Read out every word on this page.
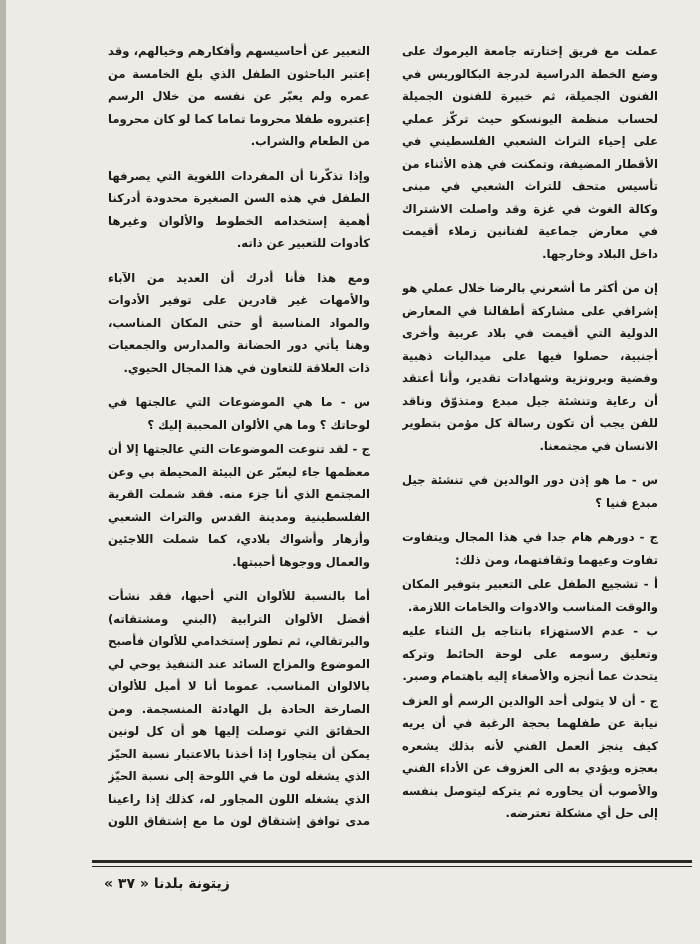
عملت مع فريق إختارته جامعة اليرموك على وضع الخطة الدراسية لدرجة البكالوريس في الفنون الجميلة، ثم خبيرة للفنون الجميلة لحساب منظمة اليونسكو حيث تركّز عملي على إحياء التراث الشعبي الفلسطيني في الأقطار المضيفة، وتمكنت في هذه الأثناء من تأسيس متحف للتراث الشعبي في مبنى وكالة الغوث في غزة وقد واصلت الاشتراك في معارض جماعية لفنانين زملاء أقيمت داخل البلاد وخارجها.

إن من أكثر ما أشعرني بالرضا خلال عملي هو إشرافي على مشاركة أطفالنا في المعارض الدولية التي أقيمت في بلاد عربية وأخرى أجنبية، حصلوا فيها على ميداليات ذهبية وفضية وبرونزية وشهادات تقدير، وأنا أعتقد أن رعاية وتنشئة جيل مبدع ومتذوّق وناقد للفن يجب أن تكون رسالة كل مؤمن بتطوير الانسان في مجتمعنا.

س - ما هو إذن دور الوالدين في تنشئة جيل مبدع فنيا ؟

ج - دورهم هام جدا في هذا المجال ويتفاوت تفاوت وعيهما وثقافتهما، ومن ذلك:

أ - تشجيع الطفل على التعبير بتوفير المكان والوقت المناسب والادوات والخامات اللازمة.

ب - عدم الاستهزاء بانتاجه بل الثناء عليه وتعليق رسومه على لوحة الحائط وتركه يتحدث عما أنجزه والأصغاء إليه باهتمام وصبر.

ج - أن لا يتولى أحد الوالدين الرسم أو العزف نيابة عن طفلهما بحجة الرغبة في أن يريه كيف ينجز العمل الفني لأنه بذلك يشعره بعجزه ويؤدي به الى العزوف عن الأداء الفني والأصوب أن يحاوره ثم يتركه ليتوصل بنفسه إلى حل أي مشكلة تعترضه.

التعبير عن أحاسيسهم وأفكارهم وخيالهم، وقد إعتبر الباحثون الطفل الذي بلغ الخامسة من عمره ولم يعبّر عن نفسه من خلال الرسم إعتبروه طفلا محروما تماما كما لو كان محروما من الطعام والشراب.

وإذا تذكّرنا أن المفردات اللغوية التي يصرفها الطفل في هذه السن الصغيرة محدودة أدركنا أهمية إستخدامه الخطوط والألوان وغيرها كأدوات للتعبير عن ذاته.

ومع هذا فأنا أدرك أن العديد من الآباء والأمهات غير قادرين على توفير الأدوات والمواد المناسبة أو حتى المكان المناسب، وهنا يأتي دور الحضانة والمدارس والجمعيات ذات العلاقة للتعاون في هذا المجال الحيوي.

س - ما هي الموضوعات التي عالجتها في لوحاتك ؟ وما هي الألوان المحببة إليك ؟

ج - لقد تنوعت الموضوعات التي عالجتها إلا أن معظمها جاء ليعبّر عن البيئة المحيطة بي وعن المجتمع الذي أنا جزء منه. فقد شملت القرية الفلسطينية ومدينة القدس والتراث الشعبي وأزهار وأشواك بلادي، كما شملت اللاجئين والعمال ووجوها أحببتها.

أما بالنسبة للألوان التي أحبها، فقد نشأت أفضل الألوان الترابية (البني ومشتقاته) والبرتقالي، ثم تطور إستخدامي للألوان فأصبح الموضوع والمزاج السائد عند التنفيذ يوحي لي بالالوان المناسب. عموما أنا لا أميل للألوان الصارخة الحادة بل الهادئة المنسجمة. ومن الحقائق التي توصلت إليها هو أن كل لونين يمكن أن يتجاورا إذا أخذنا بالاعتبار نسبة الحيّز الذي يشغله لون ما في اللوحة إلى نسبة الحيّز الذي يشغله اللون المجاور له، كذلك إذا راعينا مدى توافق إشتقاق لون ما مع إشتقاق اللون

زيتونة بلدنا « ٣٧ »
